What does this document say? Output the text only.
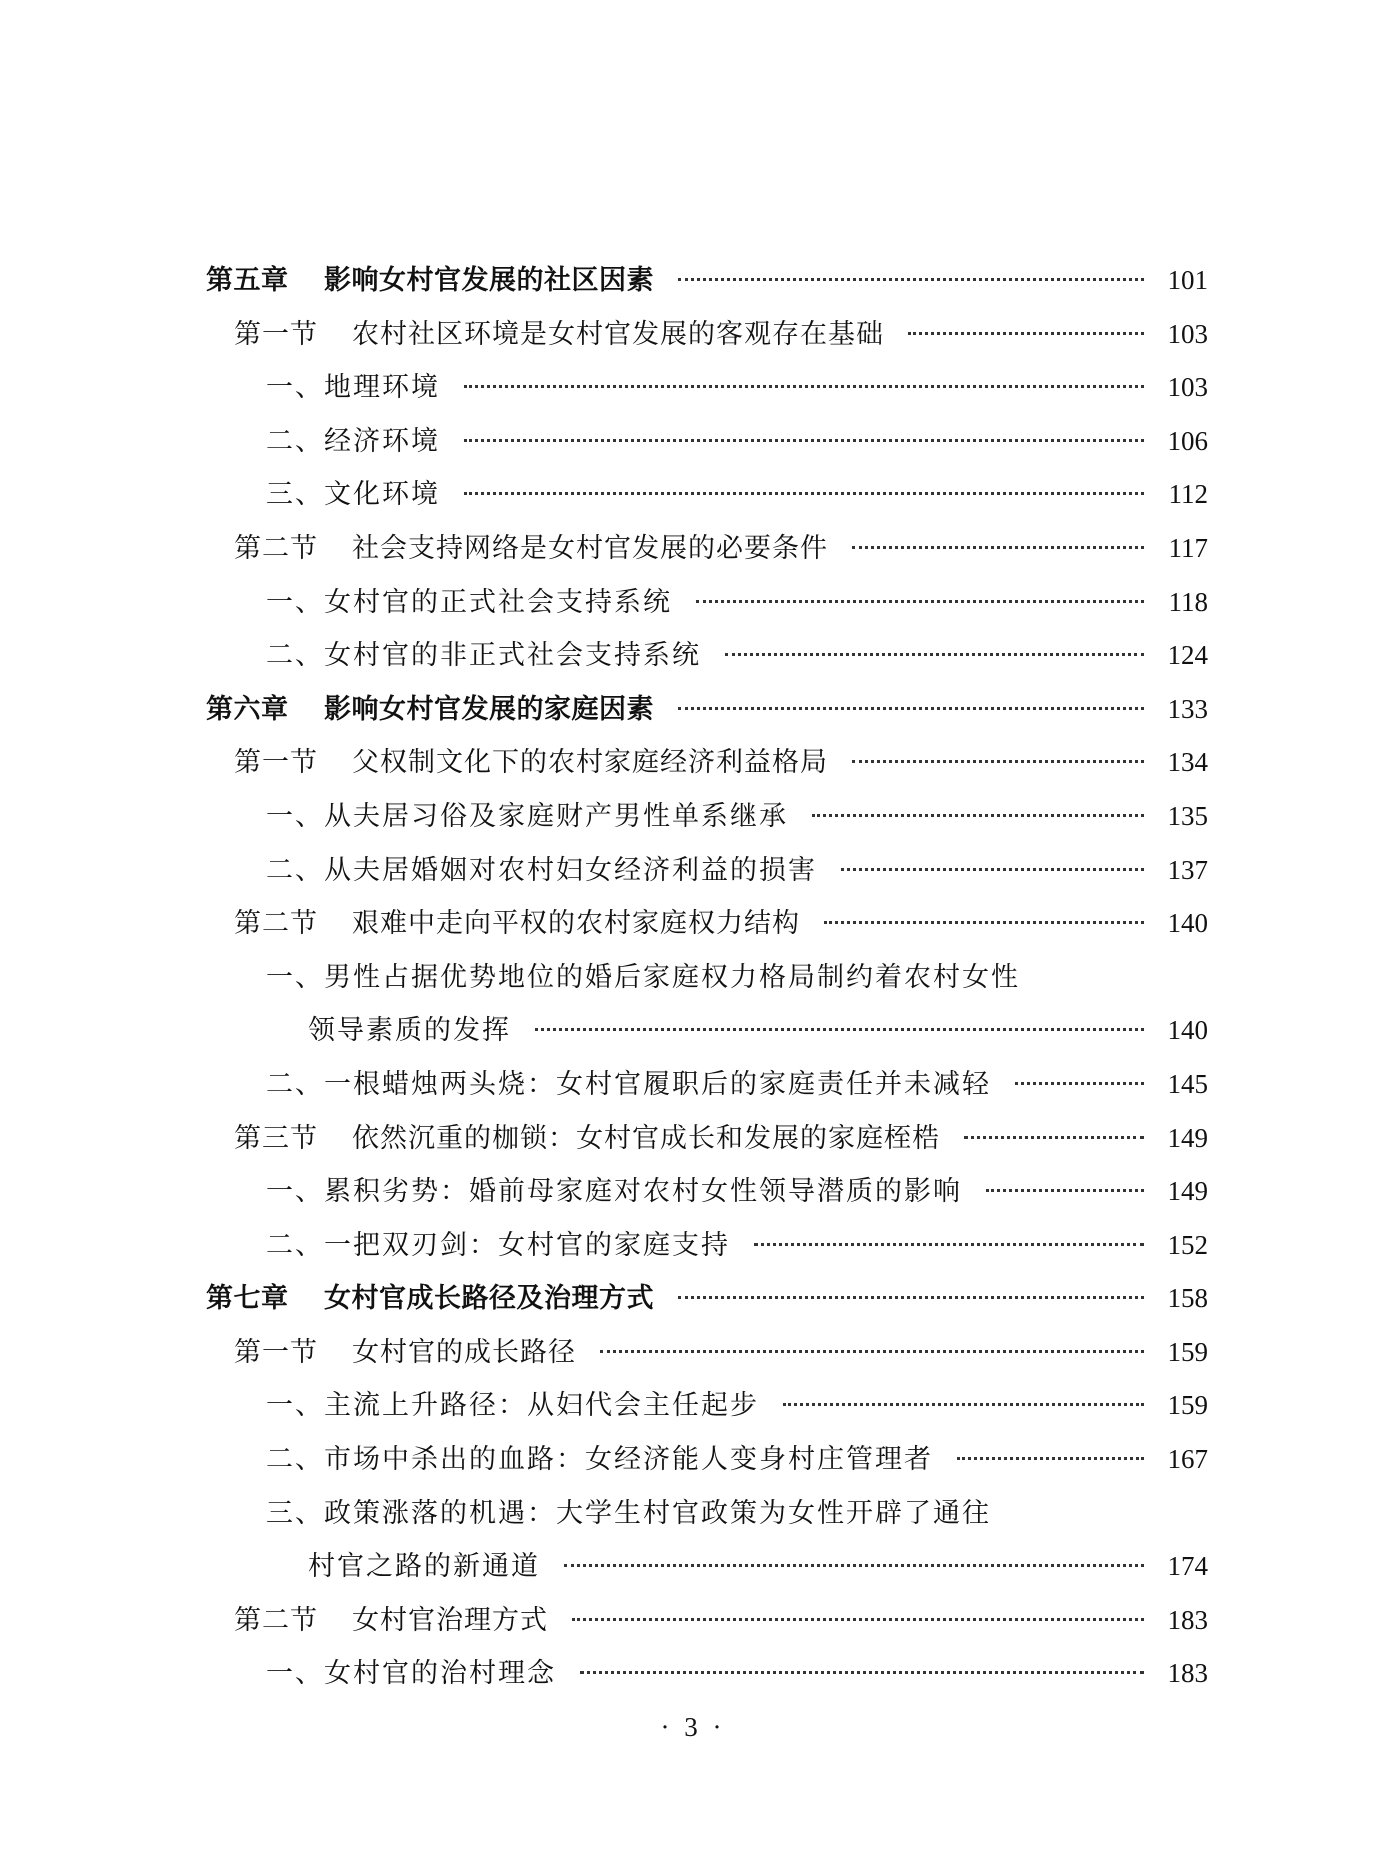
第五章 影响女村官发展的社区因素	101
第一节 农村社区环境是女村官发展的客观存在基础	103
一、地理环境	103
二、经济环境	106
三、文化环境	112
第二节 社会支持网络是女村官发展的必要条件	117
一、女村官的正式社会支持系统	118
二、女村官的非正式社会支持系统	124
第六章 影响女村官发展的家庭因素	133
第一节 父权制文化下的农村家庭经济利益格局	134
一、从夫居习俗及家庭财产男性单系继承	135
二、从夫居婚姻对农村妇女经济利益的损害	137
第二节 艰难中走向平权的农村家庭权力结构	140
一、男性占据优势地位的婚后家庭权力格局制约着农村女性
领导素质的发挥	140
二、一根蜡烛两头烧：女村官履职后的家庭责任并未减轻	145
第三节 依然沉重的枷锁：女村官成长和发展的家庭桎梏	149
一、累积劣势：婚前母家庭对农村女性领导潜质的影响	149
二、一把双刃剑：女村官的家庭支持	152
第七章 女村官成长路径及治理方式	158
第一节 女村官的成长路径	159
一、主流上升路径：从妇代会主任起步	159
二、市场中杀出的血路：女经济能人变身村庄管理者	167
三、政策涨落的机遇：大学生村官政策为女性开辟了通往
村官之路的新通道	174
第二节 女村官治理方式	183
一、女村官的治村理念	183
· 3 ·
